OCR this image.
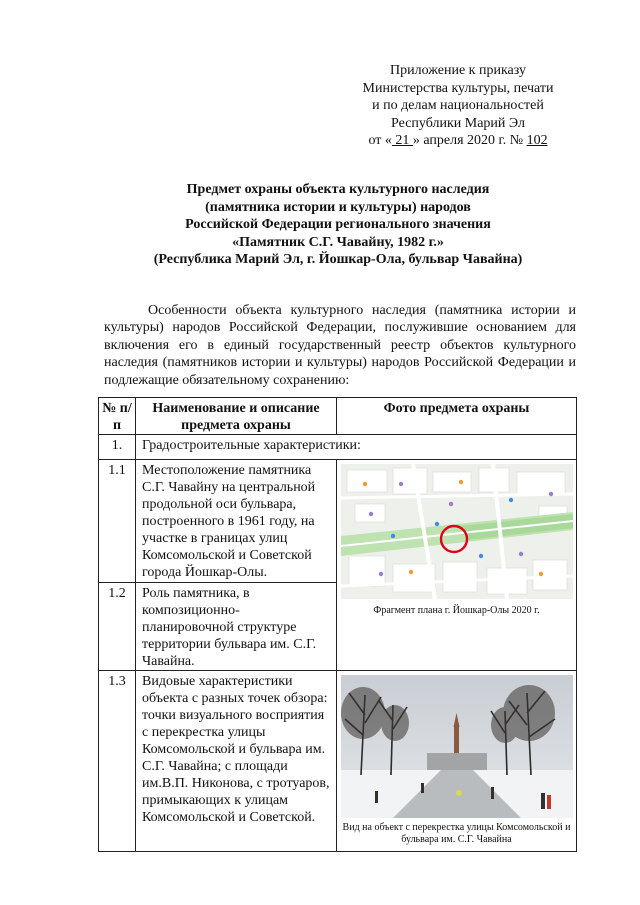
Приложение к приказу
Министерства культуры, печати
и по делам национальностей
Республики Марий Эл
от « 21 » апреля 2020 г. № 102
Предмет охраны объекта культурного наследия
(памятника истории и культуры) народов
Российской Федерации регионального значения
«Памятник С.Г. Чавайну, 1982 г.»
(Республика Марий Эл, г. Йошкар-Ола, бульвар Чавайна)
Особенности объекта культурного наследия (памятника истории и культуры) народов Российской Федерации, послужившие основанием для включения его в единый государственный реестр объектов культурного наследия (памятников истории и культуры) народов Российской Федерации и подлежащие обязательному сохранению:
№ п/п	Наименование и описание предмета охраны	Фото предмета охраны

1.	Градостроительные характеристики:	

1.1	Местоположение памятника С.Г. Чавайну на центральной продольной оси бульвара, построенного в 1961 году, на участке в границах улиц Комсомольской и Советской города Йошкар-Олы.	Фрагмент плана г. Йошкар-Олы 2020 г.

1.2	Роль памятника, в композиционно-планировочной структуре территории бульвара им. С.Г. Чавайна.	

1.3	Видовые характеристики объекта с разных точек обзора: точки визуального восприятия с перекрестка улицы Комсомольской и бульвара им. С.Г. Чавайна; с площади им.В.П. Никонова, с тротуаров, примыкающих к улицам Комсомольской и Советской.	Вид на объект с перекрестка улицы Комсомольской и бульвара им. С.Г. Чавайна
